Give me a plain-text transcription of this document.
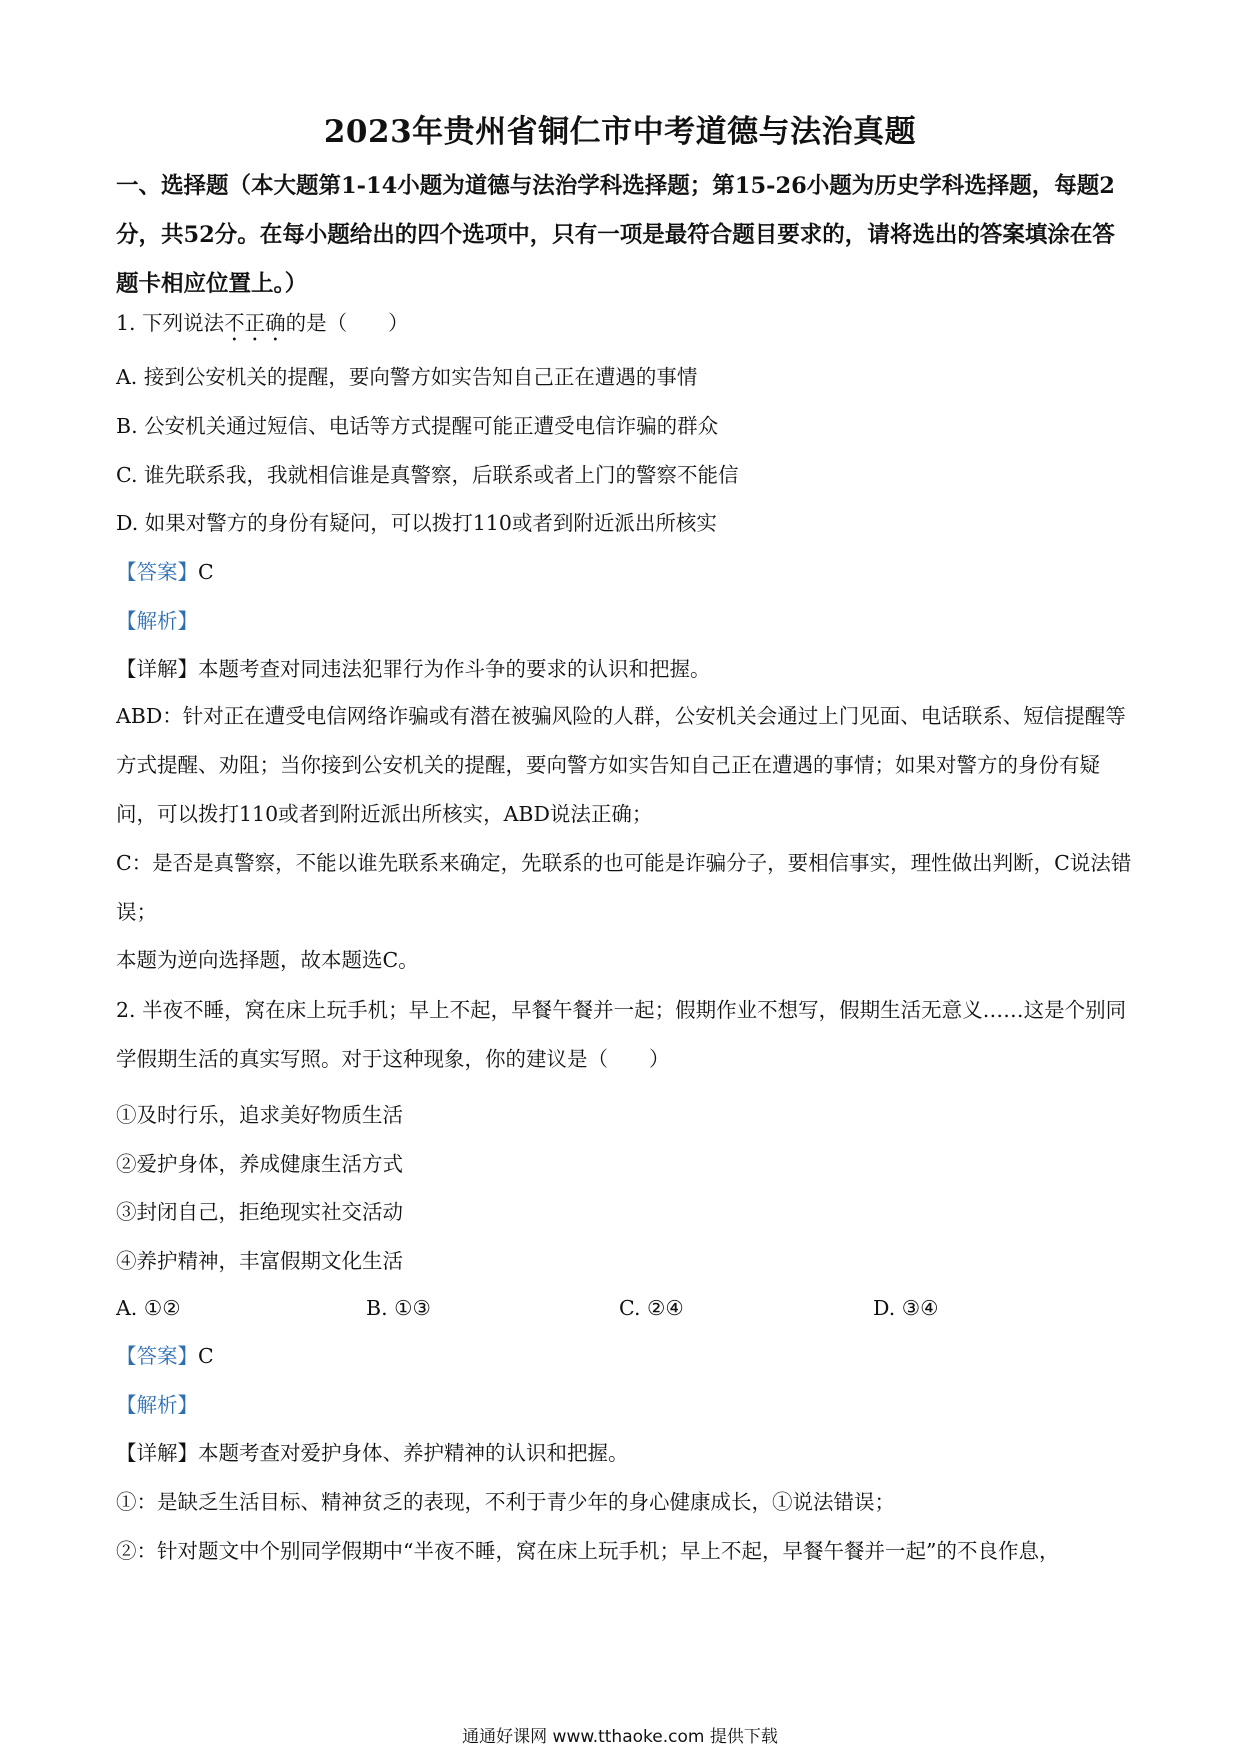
2023年贵州省铜仁市中考道德与法治真题
一、选择题（本大题第1-14小题为道德与法治学科选择题；第15-26小题为历史学科选择题，每题2分，共52分。在每小题给出的四个选项中，只有一项是最符合题目要求的，请将选出的答案填涂在答题卡相应位置上。）
1. 下列说法不正确的是（　　）
A. 接到公安机关的提醒，要向警方如实告知自己正在遭遇的事情
B. 公安机关通过短信、电话等方式提醒可能正遭受电信诈骗的群众
C. 谁先联系我，我就相信谁是真警察，后联系或者上门的警察不能信
D. 如果对警方的身份有疑问，可以拨打110或者到附近派出所核实
【答案】C
【解析】
【详解】本题考查对同违法犯罪行为作斗争的要求的认识和把握。
ABD：针对正在遭受电信网络诈骗或有潜在被骗风险的人群，公安机关会通过上门见面、电话联系、短信提醒等方式提醒、劝阻；当你接到公安机关的提醒，要向警方如实告知自己正在遭遇的事情；如果对警方的身份有疑问，可以拨打110或者到附近派出所核实，ABD说法正确；
C：是否是真警察，不能以谁先联系来确定，先联系的也可能是诈骗分子，要相信事实，理性做出判断，C说法错误；
本题为逆向选择题，故本题选C。
2. 半夜不睡，窝在床上玩手机；早上不起，早餐午餐并一起；假期作业不想写，假期生活无意义……这是个别同学假期生活的真实写照。对于这种现象，你的建议是（　　）
①及时行乐，追求美好物质生活
②爱护身体，养成健康生活方式
③封闭自己，拒绝现实社交活动
④养护精神，丰富假期文化生活
A. ①②	B. ①③	C. ②④	D. ③④
【答案】C
【解析】
【详解】本题考查对爱护身体、养护精神的认识和把握。
①：是缺乏生活目标、精神贫乏的表现，不利于青少年的身心健康成长，①说法错误；
②：针对题文中个别同学假期中“半夜不睡，窝在床上玩手机；早上不起，早餐午餐并一起”的不良作息，
通通好课网 www.tthaoke.com 提供下载
